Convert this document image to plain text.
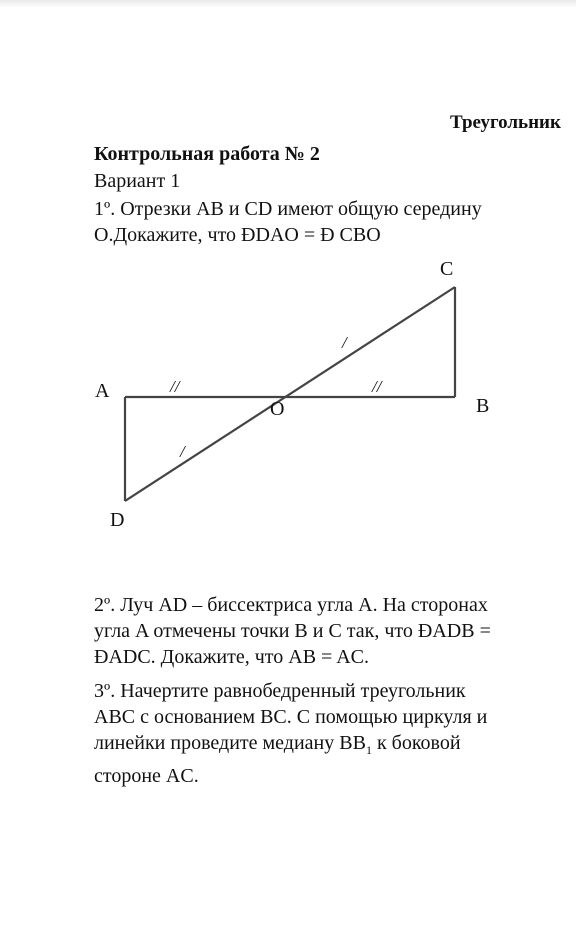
Треугольник
Контрольная работа № 2
Вариант 1
1º. Отрезки AB и CD имеют общую середину
O.Докажите, что ÐDAO = Ð CBO
A
B
C
D
O
//	//
/
/
2º. Луч AD – биссектриса угла A. На сторонах
угла A отмечены точки B и C так, что ÐADB =
ÐADC. Докажите, что AB = AC.
3º. Начертите равнобедренный треугольник
ABC с основанием BC. С помощью циркуля и
линейки проведите медиану $BB_1$ к боковой
стороне AC.
